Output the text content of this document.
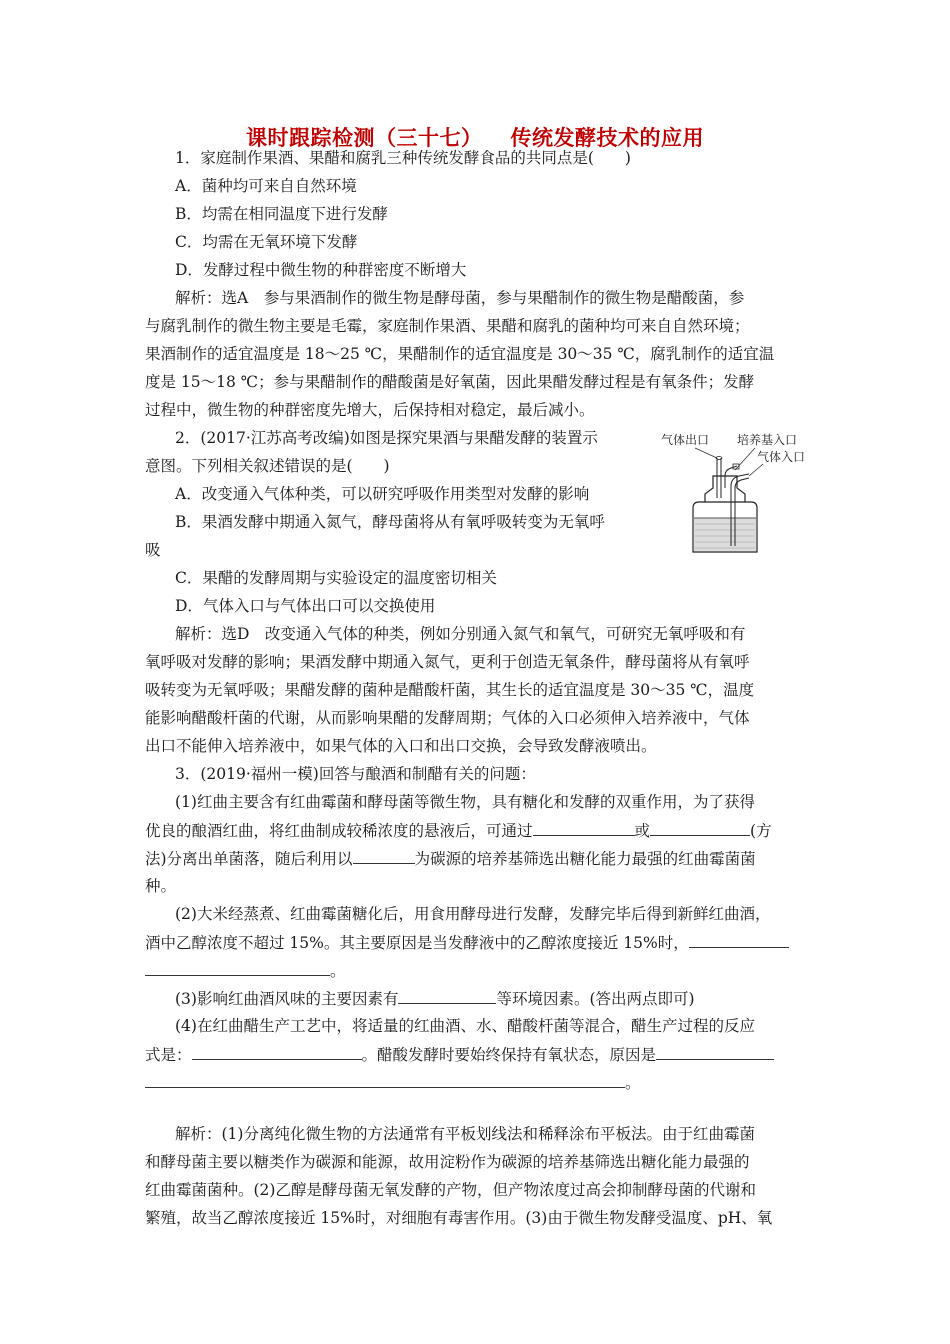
课时跟踪检测（三十七） 传统发酵技术的应用
1．家庭制作果酒、果醋和腐乳三种传统发酵食品的共同点是(　　)
A．菌种均可来自自然环境
B．均需在相同温度下进行发酵
C．均需在无氧环境下发酵
D．发酵过程中微生物的种群密度不断增大
解析：选A　参与果酒制作的微生物是酵母菌，参与果醋制作的微生物是醋酸菌，参
与腐乳制作的微生物主要是毛霉，家庭制作果酒、果醋和腐乳的菌种均可来自自然环境；
果酒制作的适宜温度是 18～25 ℃，果醋制作的适宜温度是 30～35 ℃，腐乳制作的适宜温
度是 15～18 ℃；参与果醋制作的醋酸菌是好氧菌，因此果醋发酵过程是有氧条件；发酵
过程中，微生物的种群密度先增大，后保持相对稳定，最后减小。
2．(2017·江苏高考改编)如图是探究果酒与果醋发酵的装置示
意图。下列相关叙述错误的是(　　)
A．改变通入气体种类，可以研究呼吸作用类型对发酵的影响
B．果酒发酵中期通入氮气，酵母菌将从有氧呼吸转变为无氧呼
吸
C．果醋的发酵周期与实验设定的温度密切相关
D．气体入口与气体出口可以交换使用
解析：选D　改变通入气体的种类，例如分别通入氮气和氧气，可研究无氧呼吸和有
氧呼吸对发酵的影响；果酒发酵中期通入氮气，更利于创造无氧条件，酵母菌将从有氧呼
吸转变为无氧呼吸；果醋发酵的菌种是醋酸杆菌，其生长的适宜温度是 30～35 ℃，温度
能影响醋酸杆菌的代谢，从而影响果醋的发酵周期；气体的入口必须伸入培养液中，气体
出口不能伸入培养液中，如果气体的入口和出口交换，会导致发酵液喷出。
气体出口 培养基入口
气体入口
3．(2019·福州一模)回答与酿酒和制醋有关的问题：
(1)红曲主要含有红曲霉菌和酵母菌等微生物，具有糖化和发酵的双重作用，为了获得
优良的酿酒红曲，将红曲制成较稀浓度的悬液后，可通过	或	(方
法)分离出单菌落，随后利用以	为碳源的培养基筛选出糖化能力最强的红曲霉菌菌
种。
(2)大米经蒸煮、红曲霉菌糖化后，用食用酵母进行发酵，发酵完毕后得到新鲜红曲酒，
酒中乙醇浓度不超过 15%。其主要原因是当发酵液中的乙醇浓度接近 15%时，
。
(3)影响红曲酒风味的主要因素有	等环境因素。(答出两点即可)
(4)在红曲醋生产工艺中，将适量的红曲酒、水、醋酸杆菌等混合，醋生产过程的反应
式是：	。醋酸发酵时要始终保持有氧状态，原因是
。
解析：(1)分离纯化微生物的方法通常有平板划线法和稀释涂布平板法。由于红曲霉菌
和酵母菌主要以糖类作为碳源和能源，故用淀粉作为碳源的培养基筛选出糖化能力最强的
红曲霉菌菌种。(2)乙醇是酵母菌无氧发酵的产物，但产物浓度过高会抑制酵母菌的代谢和
繁殖，故当乙醇浓度接近 15%时，对细胞有毒害作用。(3)由于微生物发酵受温度、pH、氧
